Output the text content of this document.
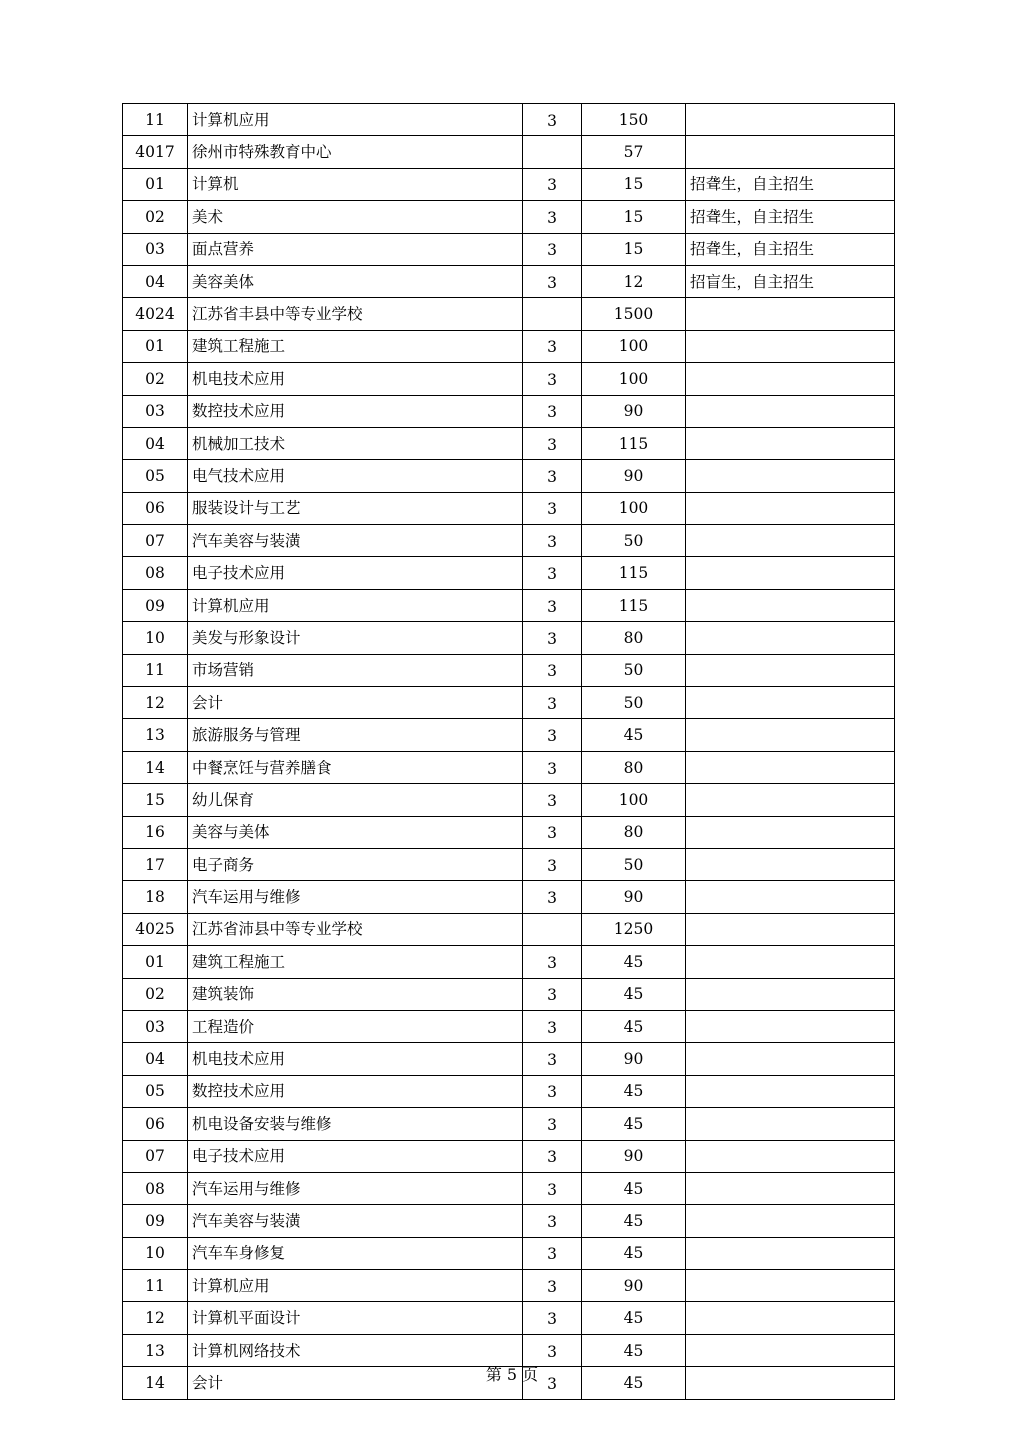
11	计算机应用	3	150	
4017	徐州市特殊教育中心		57	
01	计算机	3	15	招聋生，自主招生
02	美术	3	15	招聋生，自主招生
03	面点营养	3	15	招聋生，自主招生
04	美容美体	3	12	招盲生，自主招生
4024	江苏省丰县中等专业学校		1500	
01	建筑工程施工	3	100	
02	机电技术应用	3	100	
03	数控技术应用	3	90	
04	机械加工技术	3	115	
05	电气技术应用	3	90	
06	服装设计与工艺	3	100	
07	汽车美容与装潢	3	50	
08	电子技术应用	3	115	
09	计算机应用	3	115	
10	美发与形象设计	3	80	
11	市场营销	3	50	
12	会计	3	50	
13	旅游服务与管理	3	45	
14	中餐烹饪与营养膳食	3	80	
15	幼儿保育	3	100	
16	美容与美体	3	80	
17	电子商务	3	50	
18	汽车运用与维修	3	90	
4025	江苏省沛县中等专业学校		1250	
01	建筑工程施工	3	45	
02	建筑装饰	3	45	
03	工程造价	3	45	
04	机电技术应用	3	90	
05	数控技术应用	3	45	
06	机电设备安装与维修	3	45	
07	电子技术应用	3	90	
08	汽车运用与维修	3	45	
09	汽车美容与装潢	3	45	
10	汽车车身修复	3	45	
11	计算机应用	3	90	
12	计算机平面设计	3	45	
13	计算机网络技术	3	45	
14	会计	3	45	
第 5 页
